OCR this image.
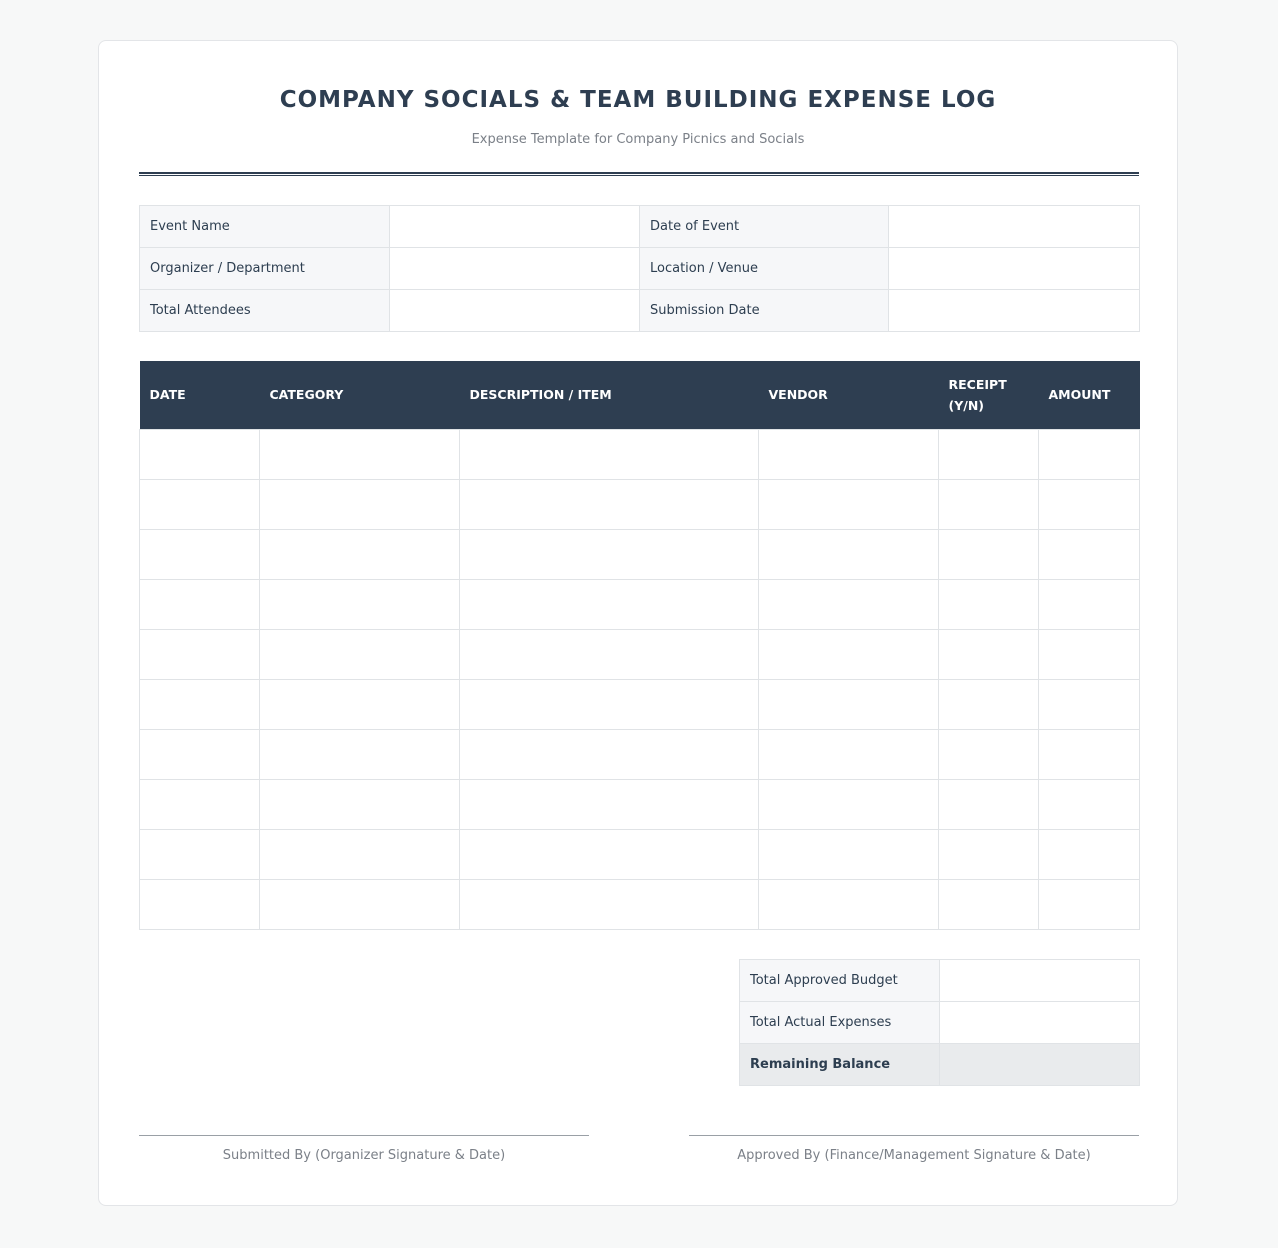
COMPANY SOCIALS & TEAM BUILDING EXPENSE LOG
Expense Template for Company Picnics and Socials
Event Name		Date of Event	
Organizer / Department		Location / Venue	
Total Attendees		Submission Date	
DATE	CATEGORY	DESCRIPTION / ITEM	VENDOR	RECEIPT (Y/N)	AMOUNT

Total Approved Budget	
Total Actual Expenses	
Remaining Balance	
Submitted By (Organizer Signature & Date)	Approved By (Finance/Management Signature & Date)
